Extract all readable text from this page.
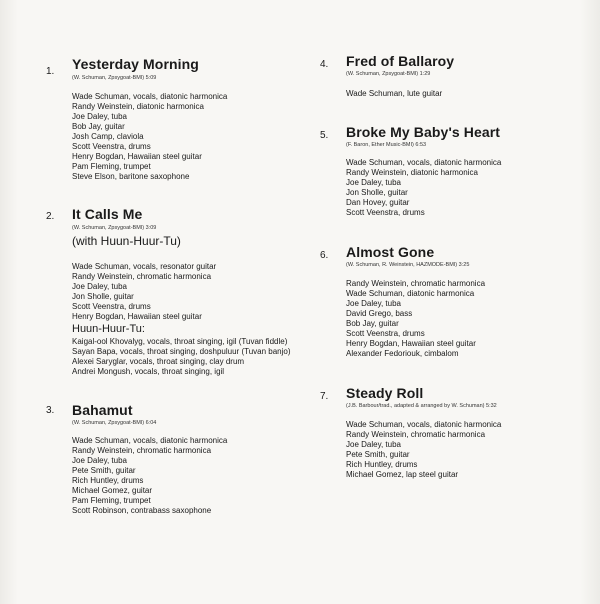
1.	Yesterday Morning
(W. Schuman, Zpsygoat-BMI) 5:09
Wade Schuman, vocals, diatonic harmonica
Randy Weinstein, diatonic harmonica
Joe Daley, tuba
Bob Jay, guitar
Josh Camp, claviola
Scott Veenstra, drums
Henry Bogdan, Hawaiian steel guitar
Pam Fleming, trumpet
Steve Elson, baritone saxophone
2.	It Calls Me
(W. Schuman, Zpsygoat-BMI) 3:09
(with Huun-Huur-Tu)
Wade Schuman, vocals, resonator guitar
Randy Weinstein, chromatic harmonica
Joe Daley, tuba
Jon Sholle, guitar
Scott Veenstra, drums
Henry Bogdan, Hawaiian steel guitar
Huun-Huur-Tu:
Kaigal-ool Khovalyg, vocals, throat singing, igil (Tuvan fiddle)
Sayan Bapa, vocals, throat singing, doshpuluur (Tuvan banjo)
Alexei Saryglar, vocals, throat singing, clay drum
Andrei Mongush, vocals, throat singing, igil
3.	Bahamut
(W. Schuman, Zpsygoat-BMI) 6:04
Wade Schuman, vocals, diatonic harmonica
Randy Weinstein, chromatic harmonica
Joe Daley, tuba
Pete Smith, guitar
Rich Huntley, drums
Michael Gomez, guitar
Pam Fleming, trumpet
Scott Robinson, contrabass saxophone
4.	Fred of Ballaroy
(W. Schuman, Zpsygoat-BMI) 1:29
Wade Schuman, lute guitar
5.	Broke My Baby's Heart
(F. Baron, Ether Music-BMI) 6:53
Wade Schuman, vocals, diatonic harmonica
Randy Weinstein, diatonic harmonica
Joe Daley, tuba
Jon Sholle, guitar
Dan Hovey, guitar
Scott Veenstra, drums
6.	Almost Gone
(W. Schuman, R. Weinstein, HAZMODE-BMI) 3:25
Randy Weinstein, chromatic harmonica
Wade Schuman, diatonic harmonica
Joe Daley, tuba
David Grego, bass
Bob Jay, guitar
Scott Veenstra, drums
Henry Bogdan, Hawaiian steel guitar
Alexander Fedoriouk, cimbalom
7.	Steady Roll
(J.B. Barbour/trad., adapted & arranged by W. Schuman) 5:32
Wade Schuman, vocals, diatonic harmonica
Randy Weinstein, chromatic harmonica
Joe Daley, tuba
Pete Smith, guitar
Rich Huntley, drums
Michael Gomez, lap steel guitar
